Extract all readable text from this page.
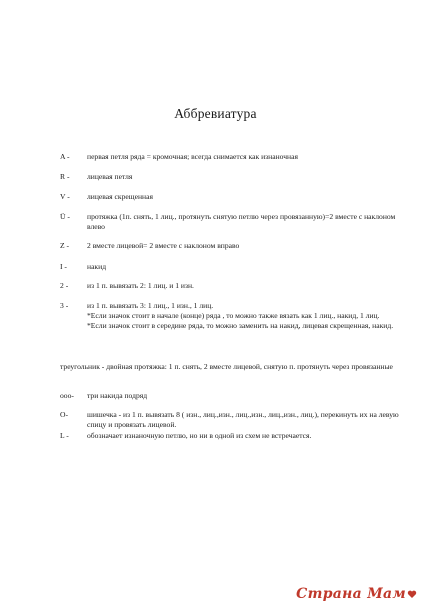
Аббревиатура
A - первая петля ряда = кромочная; всегда снимается как изнаночная
R - лицевая петля
V - лицевая скрещенная
Ü - протяжка (1п. снять, 1 лиц., протянуть снятую петлю через провязанную)=2 вместе с наклоном влево
Z - 2 вместе лицевой= 2 вместе с наклоном вправо
I -	накид
2 - из 1 п. вывязать 2: 1 лиц. и 1 изн.
3 - из 1 п. вывязать 3: 1 лиц., 1 изн., 1 лиц.
*Если значок стоит в начале (конце) ряда , то можно также вязать как 1 лиц., накид, 1 лиц.
*Если значок стоит в середине ряда, то можно заменить на накид, лицевая скрещенная, накид.
треугольник - двойная протяжка: 1 п. снять, 2 вместе лицевой, снятую п. протянуть через провязанные
ooo- три накида подряд
O- шишечка - из 1 п. вывязать 8 ( изн., лиц.,изн., лиц.,изн., лиц.,изн., лиц.), перекинуть их на левую спицу и провязать лицевой.
L - обозначает изнаночную петлю, но ни в одной из схем не встречается.
Страна Мам
